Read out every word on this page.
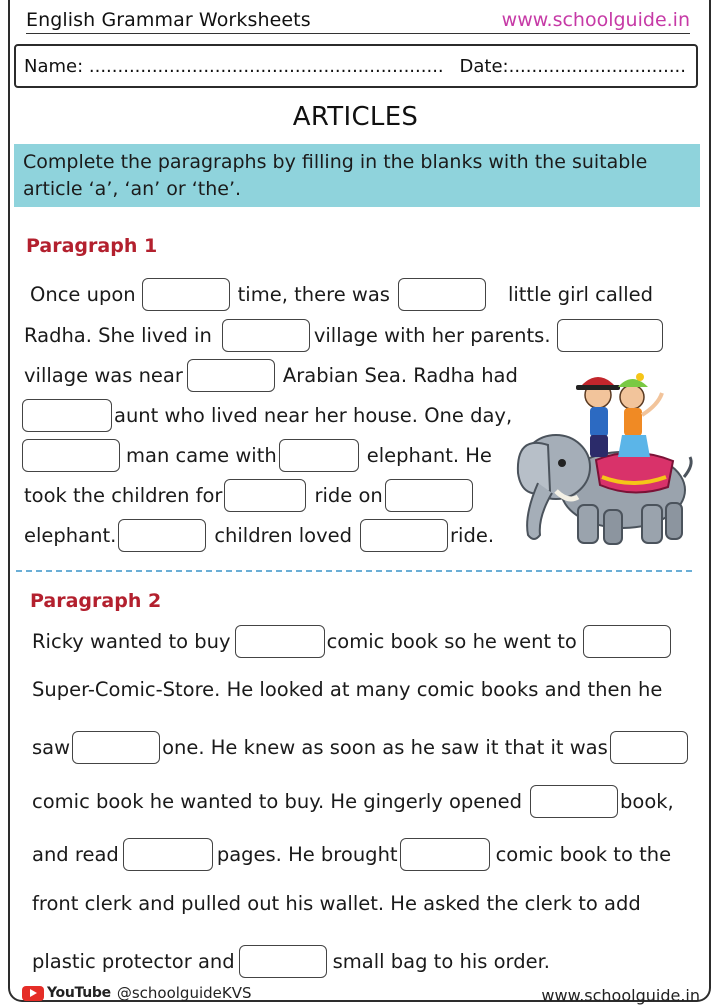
English Grammar Worksheets	www.schoolguide.in
Name: .............................................................. Date:...............................
ARTICLES
Complete the paragraphs by filling in the blanks with the suitable article ‘a’, ‘an’ or ‘the’.
Paragraph 1
Once upon	time, there was	little girl called
Radha. She lived in	village with her parents.
village was near	Arabian Sea. Radha had
aunt who lived near her house. One day,
man came with	elephant. He
took the children for	ride on
elephant.	children loved	ride.
Paragraph 2
Ricky wanted to buy	comic book so he went to
Super-Comic-Store. He looked at many comic books and then he
saw	one. He knew as soon as he saw it that it was
comic book he wanted to buy. He gingerly opened	book,
and read	pages. He brought	comic book to the
front clerk and pulled out his wallet. He asked the clerk to add
plastic protector and	small bag to his order.
YouTube @schoolguideKVS	www.schoolguide.in
